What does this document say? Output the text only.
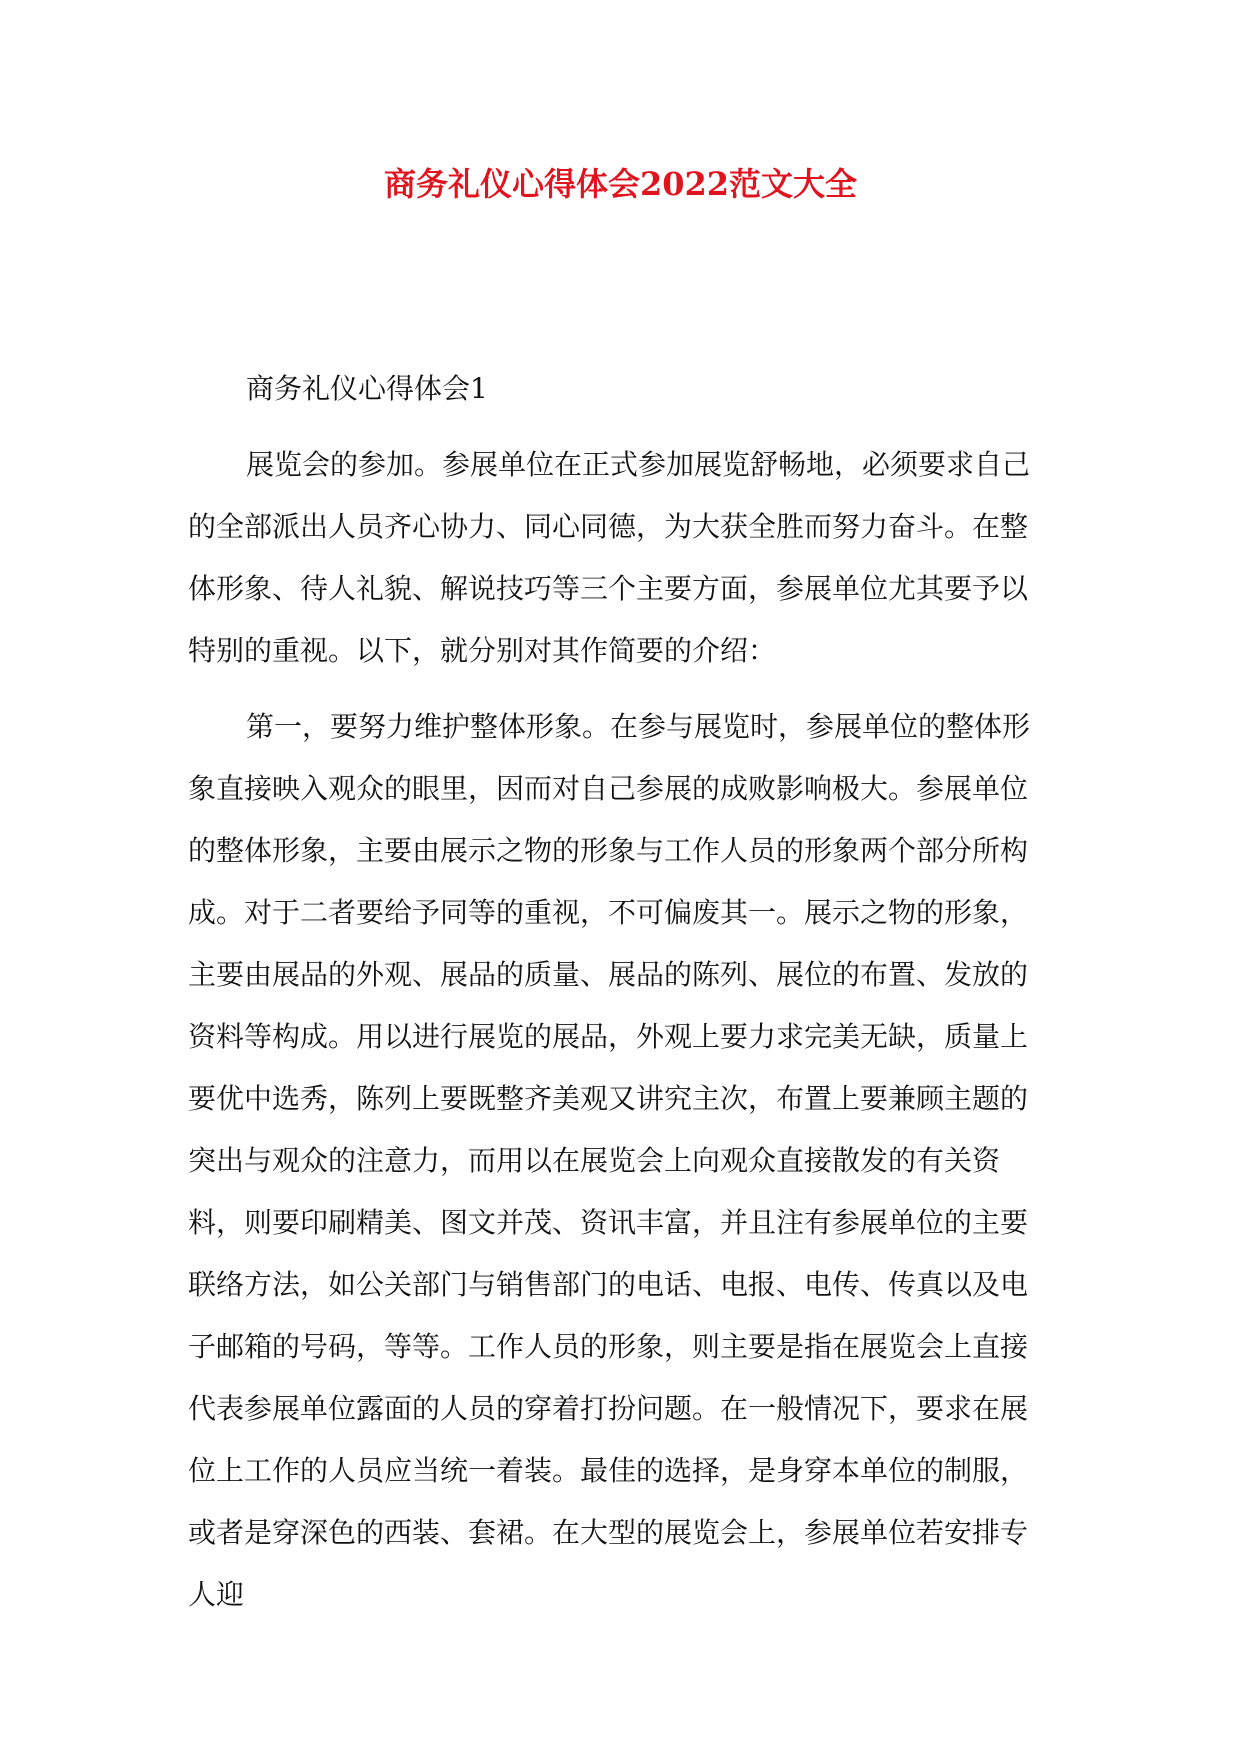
商务礼仪心得体会2022范文大全

商务礼仪心得体会1

展览会的参加。参展单位在正式参加展览舒畅地，必须要求自己的全部派出人员齐心协力、同心同德，为大获全胜而努力奋斗。在整体形象、待人礼貌、解说技巧等三个主要方面，参展单位尤其要予以特别的重视。以下，就分别对其作简要的介绍：

第一，要努力维护整体形象。在参与展览时，参展单位的整体形象直接映入观众的眼里，因而对自己参展的成败影响极大。参展单位的整体形象，主要由展示之物的形象与工作人员的形象两个部分所构成。对于二者要给予同等的重视，不可偏废其一。展示之物的形象，主要由展品的外观、展品的质量、展品的陈列、展位的布置、发放的资料等构成。用以进行展览的展品，外观上要力求完美无缺，质量上要优中选秀，陈列上要既整齐美观又讲究主次，布置上要兼顾主题的突出与观众的注意力，而用以在展览会上向观众直接散发的有关资料，则要印刷精美、图文并茂、资讯丰富，并且注有参展单位的主要联络方法，如公关部门与销售部门的电话、电报、电传、传真以及电子邮箱的号码，等等。工作人员的形象，则主要是指在展览会上直接代表参展单位露面的人员的穿着打扮问题。在一般情况下，要求在展位上工作的人员应当统一着装。最佳的选择，是身穿本单位的制服，或者是穿深色的西装、套裙。在大型的展览会上，参展单位若安排专人迎
